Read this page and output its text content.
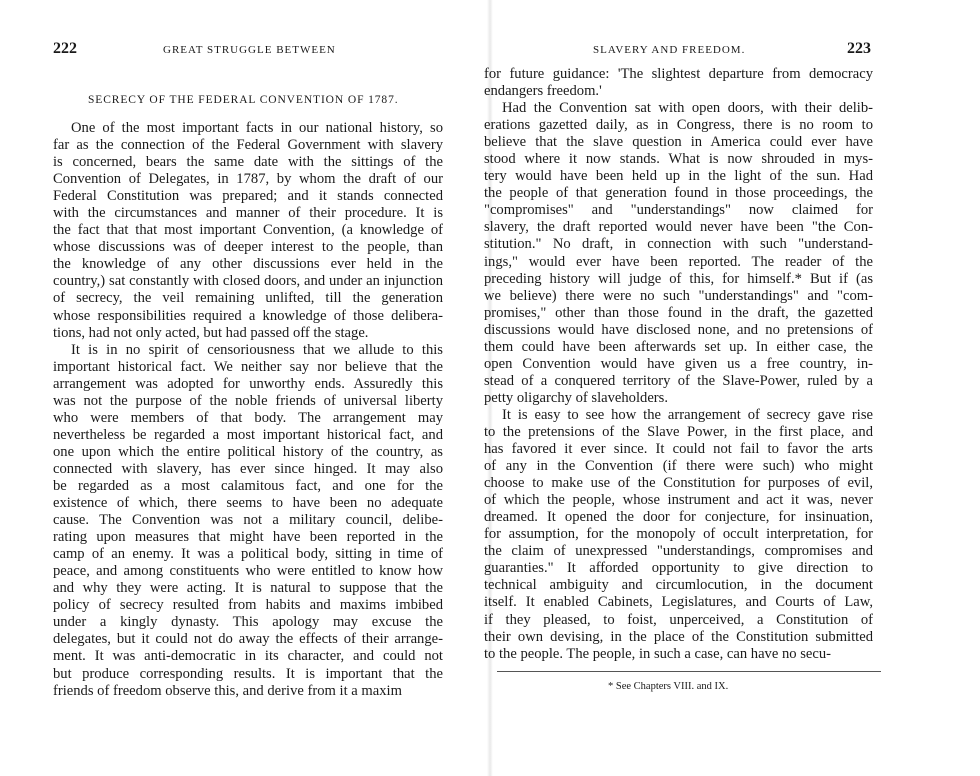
222	GREAT STRUGGLE BETWEEN
SECRECY OF THE FEDERAL CONVENTION OF 1787.
One of the most important facts in our national history, so
far as the connection of the Federal Government with slavery
is concerned, bears the same date with the sittings of the
Convention of Delegates, in 1787, by whom the draft of our
Federal Constitution was prepared; and it stands connected
with the circumstances and manner of their procedure. It is
the fact that that most important Convention, (a knowledge of
whose discussions was of deeper interest to the people, than
the knowledge of any other discussions ever held in the
country,) sat constantly with closed doors, and under an injunction
of secrecy, the veil remaining unlifted, till the generation
whose responsibilities required a knowledge of those delibera-
tions, had not only acted, but had passed off the stage.
It is in no spirit of censoriousness that we allude to this
important historical fact. We neither say nor believe that the
arrangement was adopted for unworthy ends. Assuredly this
was not the purpose of the noble friends of universal liberty
who were members of that body. The arrangement may
nevertheless be regarded a most important historical fact, and
one upon which the entire political history of the country, as
connected with slavery, has ever since hinged. It may also
be regarded as a most calamitous fact, and one for the
existence of which, there seems to have been no adequate
cause. The Convention was not a military council, delibe-
rating upon measures that might have been reported in the
camp of an enemy. It was a political body, sitting in time of
peace, and among constituents who were entitled to know how
and why they were acting. It is natural to suppose that the
policy of secrecy resulted from habits and maxims imbibed
under a kingly dynasty. This apology may excuse the
delegates, but it could not do away the effects of their arrange-
ment. It was anti-democratic in its character, and could not
but produce corresponding results. It is important that the
friends of freedom observe this, and derive from it a maxim
223
SLAVERY AND FREEDOM.
for future guidance: 'The slightest departure from democracy
endangers freedom.'
Had the Convention sat with open doors, with their delib-
erations gazetted daily, as in Congress, there is no room to
believe that the slave question in America could ever have
stood where it now stands. What is now shrouded in mys-
tery would have been held up in the light of the sun. Had
the people of that generation found in those proceedings, the
"compromises" and "understandings" now claimed for
slavery, the draft reported would never have been "the Con-
stitution." No draft, in connection with such "understand-
ings," would ever have been reported. The reader of the
preceding history will judge of this, for himself.* But if (as
we believe) there were no such "understandings" and "com-
promises," other than those found in the draft, the gazetted
discussions would have disclosed none, and no pretensions of
them could have been afterwards set up. In either case, the
open Convention would have given us a free country, in-
stead of a conquered territory of the Slave-Power, ruled by a
petty oligarchy of slaveholders.
It is easy to see how the arrangement of secrecy gave rise
to the pretensions of the Slave Power, in the first place, and
has favored it ever since. It could not fail to favor the arts
of any in the Convention (if there were such) who might
choose to make use of the Constitution for purposes of evil,
of which the people, whose instrument and act it was, never
dreamed. It opened the door for conjecture, for insinuation,
for assumption, for the monopoly of occult interpretation, for
the claim of unexpressed "understandings, compromises and
guaranties." It afforded opportunity to give direction to
technical ambiguity and circumlocution, in the document
itself. It enabled Cabinets, Legislatures, and Courts of Law,
if they pleased, to foist, unperceived, a Constitution of
their own devising, in the place of the Constitution submitted
to the people. The people, in such a case, can have no secu-
* See Chapters VIII. and IX.
